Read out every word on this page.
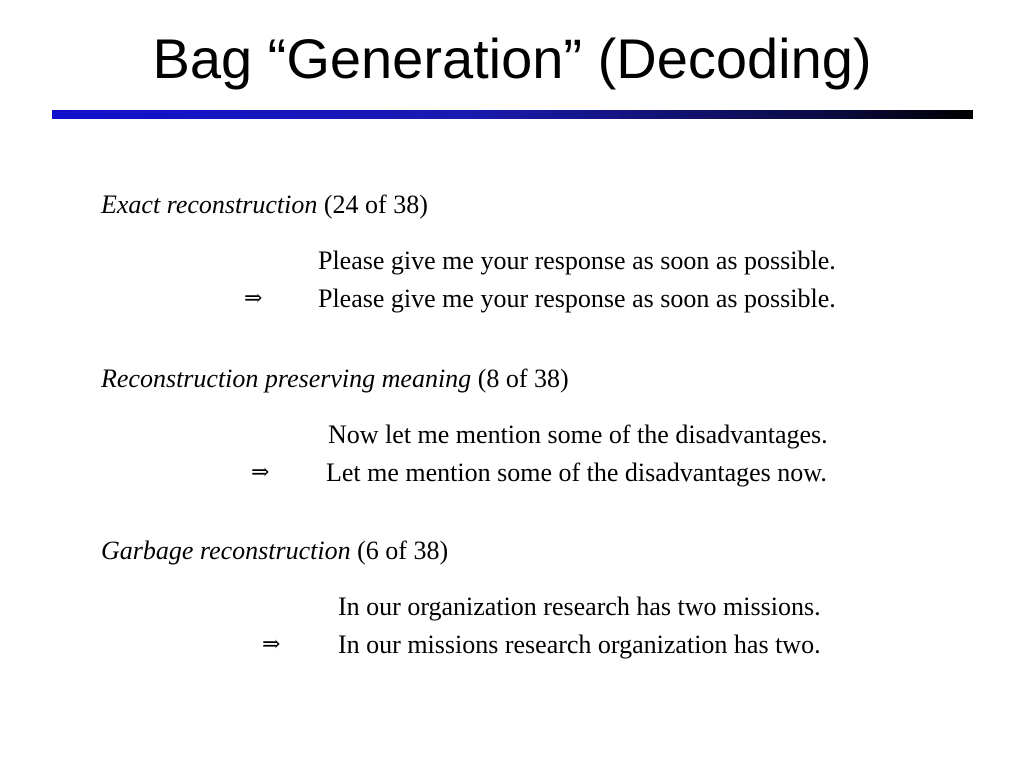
Bag “Generation” (Decoding)
Exact reconstruction (24 of 38)
Please give me your response as soon as possible.
⇒ Please give me your response as soon as possible.
Reconstruction preserving meaning (8 of 38)
Now let me mention some of the disadvantages.
⇒ Let me mention some of the disadvantages now.
Garbage reconstruction (6 of 38)
In our organization research has two missions.
⇒ In our missions research organization has two.
